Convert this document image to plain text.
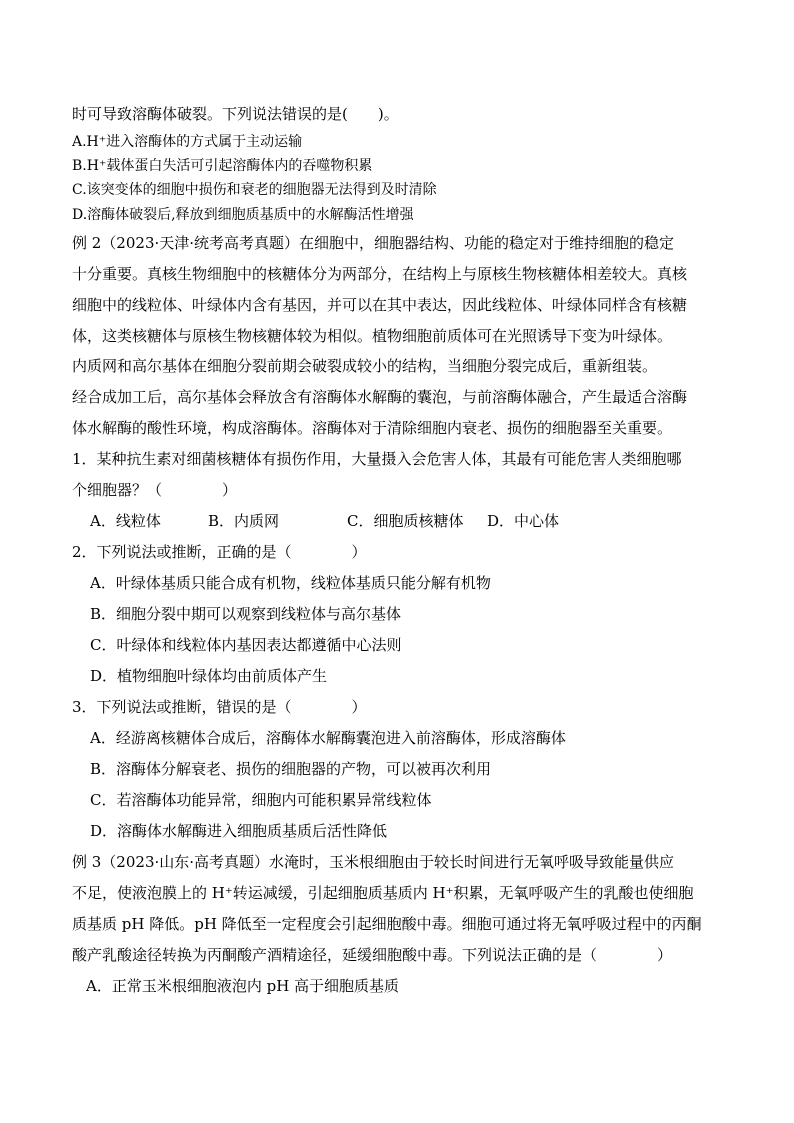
时可导致溶酶体破裂。下列说法错误的是(　　)。
A.H⁺进入溶酶体的方式属于主动运输
B.H⁺载体蛋白失活可引起溶酶体内的吞噬物积累
C.该突变体的细胞中损伤和衰老的细胞器无法得到及时清除
D.溶酶体破裂后,释放到细胞质基质中的水解酶活性增强
例 2（2023·天津·统考高考真题）在细胞中，细胞器结构、功能的稳定对于维持细胞的稳定
十分重要。真核生物细胞中的核糖体分为两部分，在结构上与原核生物核糖体相差较大。真核
细胞中的线粒体、叶绿体内含有基因，并可以在其中表达，因此线粒体、叶绿体同样含有核糖
体，这类核糖体与原核生物核糖体较为相似。植物细胞前质体可在光照诱导下变为叶绿体。
内质网和高尔基体在细胞分裂前期会破裂成较小的结构，当细胞分裂完成后，重新组装。
经合成加工后，高尔基体会释放含有溶酶体水解酶的囊泡，与前溶酶体融合，产生最适合溶酶
体水解酶的酸性环境，构成溶酶体。溶酶体对于清除细胞内衰老、损伤的细胞器至关重要。
1．某种抗生素对细菌核糖体有损伤作用，大量摄入会危害人体，其最有可能危害人类细胞哪
个细胞器？（　　　　）
A．线粒体	B．内质网	C．细胞质核糖体 D．中心体
2．下列说法或推断，正确的是（　　　　）
A．叶绿体基质只能合成有机物，线粒体基质只能分解有机物
B．细胞分裂中期可以观察到线粒体与高尔基体
C．叶绿体和线粒体内基因表达都遵循中心法则
D．植物细胞叶绿体均由前质体产生
3．下列说法或推断，错误的是（　　　　）
A．经游离核糖体合成后，溶酶体水解酶囊泡进入前溶酶体，形成溶酶体
B．溶酶体分解衰老、损伤的细胞器的产物，可以被再次利用
C．若溶酶体功能异常，细胞内可能积累异常线粒体
D．溶酶体水解酶进入细胞质基质后活性降低
例 3（2023·山东·高考真题）水淹时，玉米根细胞由于较长时间进行无氧呼吸导致能量供应
不足，使液泡膜上的 H⁺转运减缓，引起细胞质基质内 H⁺积累，无氧呼吸产生的乳酸也使细胞
质基质 pH 降低。pH 降低至一定程度会引起细胞酸中毒。细胞可通过将无氧呼吸过程中的丙酮
酸产乳酸途径转换为丙酮酸产酒精途径，延缓细胞酸中毒。下列说法正确的是（　　　　）
A．正常玉米根细胞液泡内 pH 高于细胞质基质
